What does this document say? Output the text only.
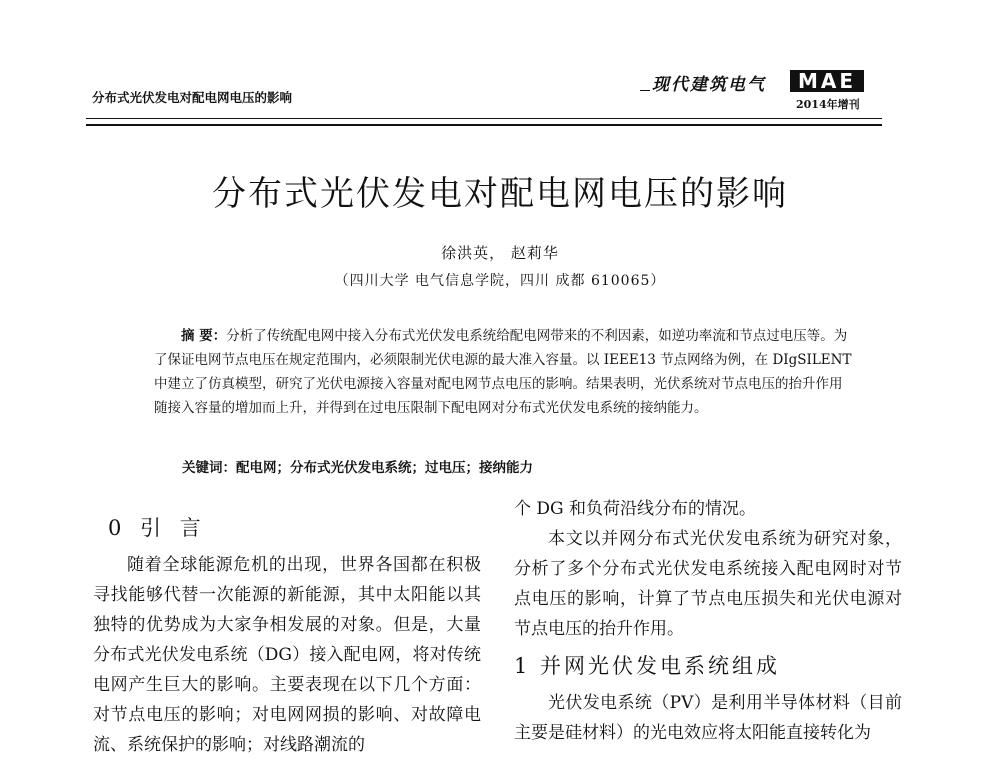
分布式光伏发电对配电网电压的影响
现代建筑电气	MAE
2014年增刊
分布式光伏发电对配电网电压的影响
徐洪英， 赵莉华
（四川大学 电气信息学院，四川 成都 610065）

摘 要：分析了传统配电网中接入分布式光伏发电系统给配电网带来的不利因素，如逆功率流和节点过电压等。为了保证电网节点电压在规定范围内，必须限制光伏电源的最大准入容量。以 IEEE13 节点网络为例，在 DIgSILENT 中建立了仿真模型，研究了光伏电源接入容量对配电网节点电压的影响。结果表明，光伏系统对节点电压的抬升作用随接入容量的增加而上升，并得到在过电压限制下配电网对分布式光伏发电系统的接纳能力。

关键词：配电网；分布式光伏发电系统；过电压；接纳能力
0 引 言

随着全球能源危机的出现，世界各国都在积极寻找能够代替一次能源的新能源，其中太阳能以其独特的优势成为大家争相发展的对象。但是，大量分布式光伏发电系统（DG）接入配电网，将对传统电网产生巨大的影响。主要表现在以下几个方面：对节点电压的影响；对电网网损的影响、对故障电流、系统保护的影响；对线路潮流的

个 DG 和负荷沿线分布的情况。

本文以并网分布式光伏发电系统为研究对象，分析了多个分布式光伏发电系统接入配电网时对节点电压的影响，计算了节点电压损失和光伏电源对节点电压的抬升作用。

1 并网光伏发电系统组成

光伏发电系统（PV）是利用半导体材料（目前主要是硅材料）的光电效应将太阳能直接转化为
